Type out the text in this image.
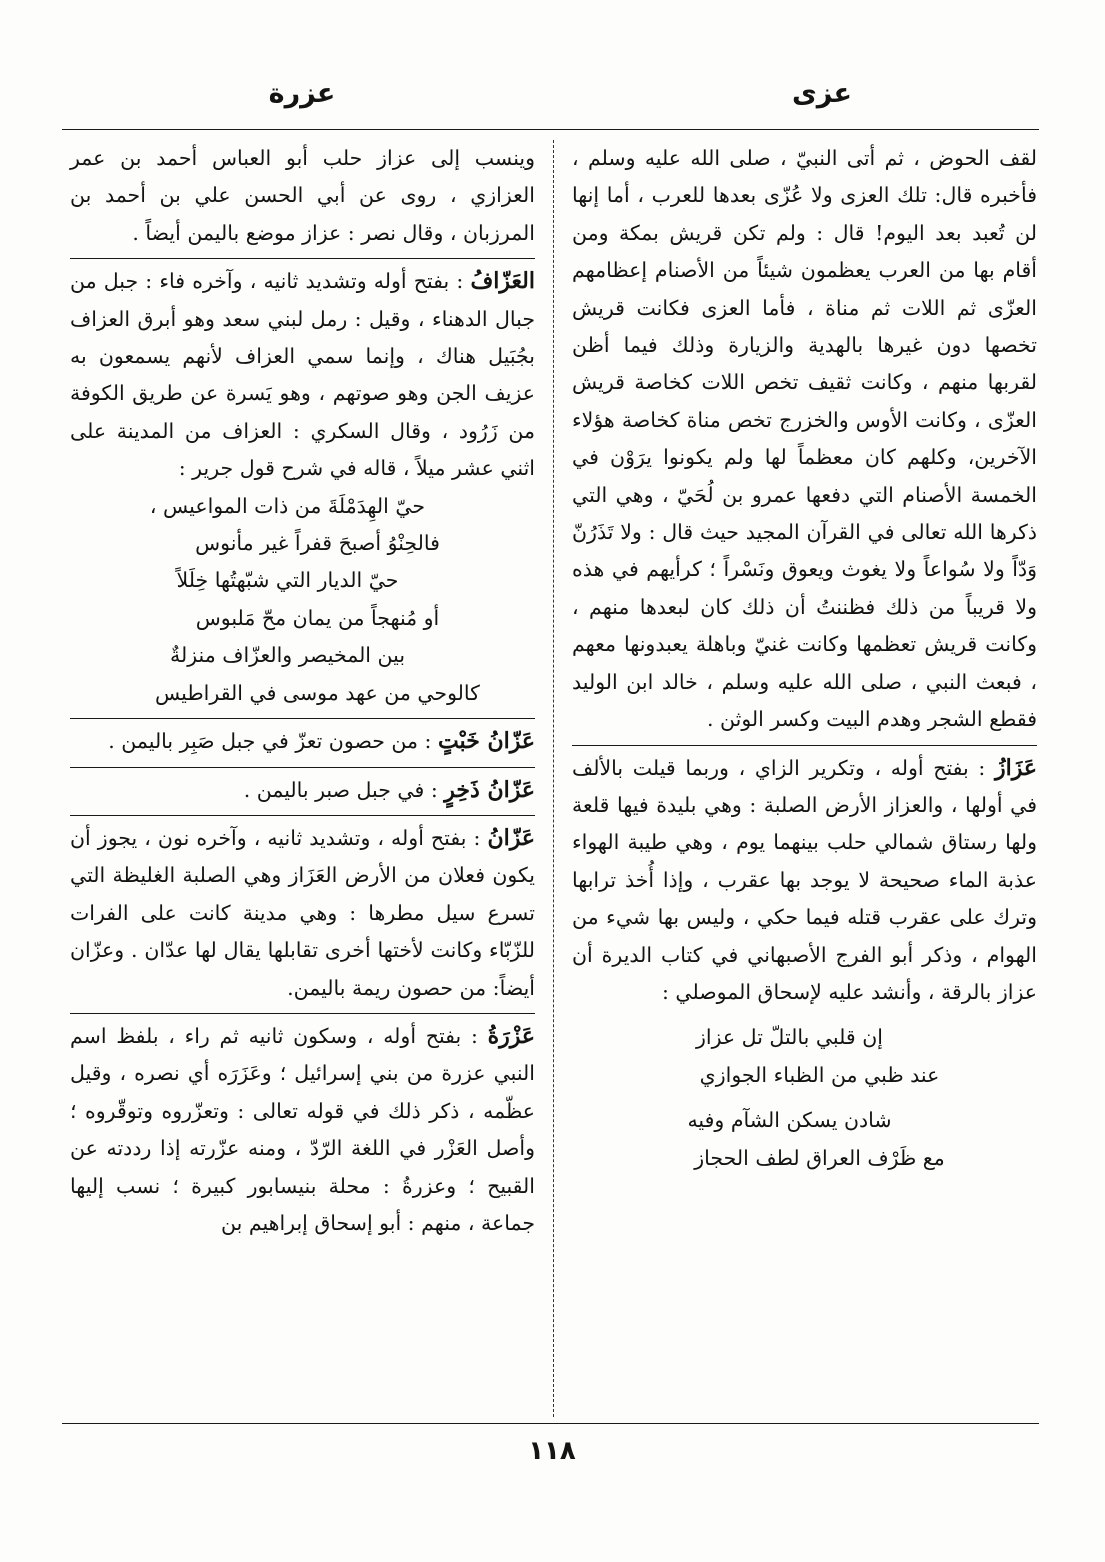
عزى
عزرة

لقف الحوض ، ثم أتى النبيّ ، صلى الله عليه وسلم ، فأخبره قال: تلك العزى ولا عُزّى بعدها للعرب ، أما إنها لن تُعبد بعد اليوم! قال : ولم تكن قريش بمكة ومن أقام بها من العرب يعظمون شيئاً من الأصنام إعظامهم العزّى ثم اللات ثم مناة ، فأما العزى فكانت قريش تخصها دون غيرها بالهدية والزيارة وذلك فيما أظن لقربها منهم ، وكانت ثقيف تخص اللات كخاصة قريش العزّى ، وكانت الأوس والخزرج تخص مناة كخاصة هؤلاء الآخرين، وكلهم كان معظماً لها ولم يكونوا يرَوْن في الخمسة الأصنام التي دفعها عمرو بن لُحَيّ ، وهي التي ذكرها الله تعالى في القرآن المجيد حيث قال : ولا تَذَرُنّ وَدّاً ولا سُواعاً ولا يغوث ويعوق ونَسْراً ؛ كرأيهم في هذه ولا قريباً من ذلك فظننتُ أن ذلك كان لبعدها منهم ، وكانت قريش تعظمها وكانت غنيّ وباهلة يعبدونها معهم ، فبعث النبي ، صلى الله عليه وسلم ، خالد ابن الوليد فقطع الشجر وهدم البيت وكسر الوثن .

عَزَازُ : بفتح أوله ، وتكرير الزاي ، وربما قيلت بالألف في أولها ، والعزاز الأرض الصلبة : وهي بليدة فيها قلعة ولها رستاق شمالي حلب بينهما يوم ، وهي طيبة الهواء عذبة الماء صحيحة لا يوجد بها عقرب ، وإذا أُخذ ترابها وترك على عقرب قتله فيما حكي ، وليس بها شيء من الهوام ، وذكر أبو الفرج الأصبهاني في كتاب الديرة أن عزاز بالرقة ، وأنشد عليه لإسحاق الموصلي :

إن قلبي بالتلّ تل عزاز

عند ظبي من الظباء الجوازي

شادن يسكن الشآم وفيه

مع ظَرْف العراق لطف الحجاز

وينسب إلى عزاز حلب أبو العباس أحمد بن عمر العزازي ، روى عن أبي الحسن علي بن أحمد بن المرزبان ، وقال نصر : عزاز موضع باليمن أيضاً .

العَزّافُ : بفتح أوله وتشديد ثانيه ، وآخره فاء : جبل من جبال الدهناء ، وقيل : رمل لبني سعد وهو أبرق العزاف بجُبَيل هناك ، وإنما سمي العزاف لأنهم يسمعون به عزيف الجن وهو صوتهم ، وهو يَسرة عن طريق الكوفة من زَرُود ، وقال السكري : العزاف من المدينة على اثني عشر ميلاً ، قاله في شرح قول جرير :

حيّ الهِدَمْلَةَ من ذات المواعيس ،

فالحِنْوُ أصبحَ قفراً غير مأنوس

حيّ الديار التي شبّهتُها خِلَلاً

أو مُنهجاً من يمان محّ مَلبوس

بين المخيصر والعزّاف منزلةٌ

كالوحي من عهد موسى في القراطيس

عَزّانُ خَبْتٍ : من حصون تعزّ في جبل صَبِر باليمن .

عَزّانُ ذَخِرٍ : في جبل صبر باليمن .

عَزّانُ : بفتح أوله ، وتشديد ثانيه ، وآخره نون ، يجوز أن يكون فعلان من الأرض العَزَاز وهي الصلبة الغليظة التي تسرع سيل مطرها : وهي مدينة كانت على الفرات للزّبّاء وكانت لأختها أخرى تقابلها يقال لها عدّان . وعزّان أيضاً: من حصون ريمة باليمن.

عَزْرَةُ : بفتح أوله ، وسكون ثانيه ثم راء ، بلفظ اسم النبي عزرة من بني إسرائيل ؛ وعَزَرَه أي نصره ، وقيل عظّمه ، ذكر ذلك في قوله تعالى : وتعزّروه وتوقّروه ؛ وأصل العَزْر في اللغة الرّدّ ، ومنه عزّرته إذا رددته عن القبيح ؛ وعزرةُ : محلة بنيسابور كبيرة ؛ نسب إليها جماعة ، منهم : أبو إسحاق إبراهيم بن

١١٨
